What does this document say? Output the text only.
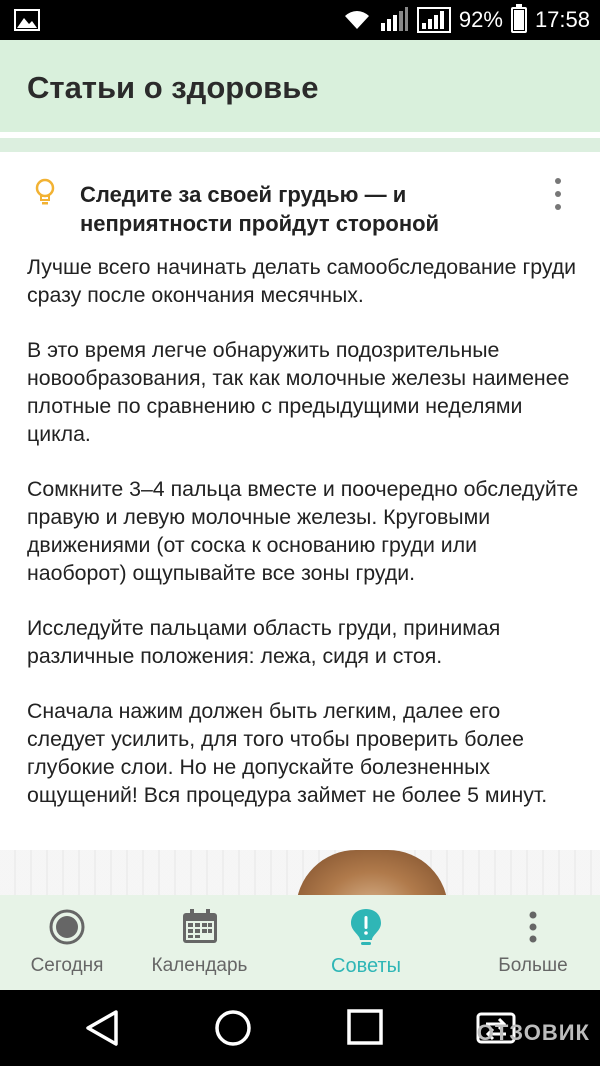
92% 17:58
Статьи о здоровье
Следите за своей грудью — и неприятности пройдут стороной

Лучше всего начинать делать самообследование груди сразу после окончания месячных.

В это время легче обнаружить подозрительные новообразования, так как молочные железы наименее плотные по сравнению с предыдущими неделями цикла.

Сомкните 3–4 пальца вместе и поочередно обследуйте правую и левую молочные железы. Круговыми движениями (от соска к основанию груди или наоборот) ощупывайте все зоны груди.

Исследуйте пальцами область груди, принимая различные положения: лежа, сидя и стоя.

Сначала нажим должен быть легким, далее его следует усилить, для того чтобы проверить более глубокие слои. Но не допускайте болезненных ощущений! Вся процедура займет не более 5 минут.

Сегодня	Календарь	Советы	Больше
ОТЗОВИК
